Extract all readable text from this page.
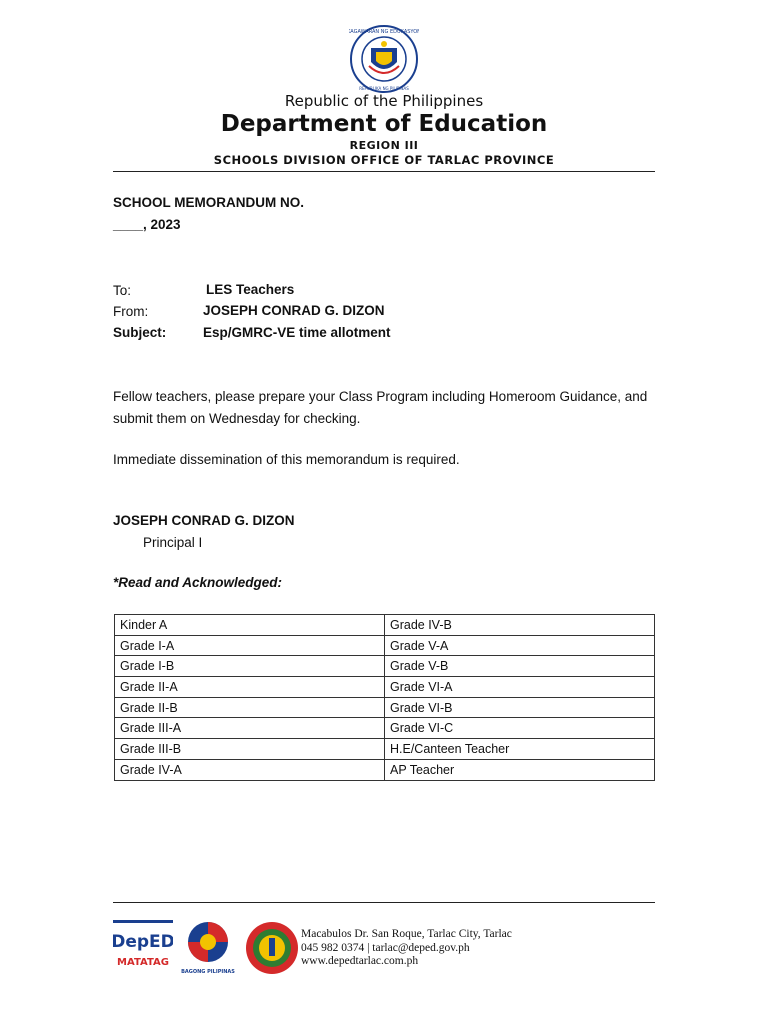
KAGAWARAN NG EDUKASYON
REPUBLIKA NG PILIPINAS
Republic of the Philippines
Department of Education
REGION III
SCHOOLS DIVISION OFFICE OF TARLAC PROVINCE
SCHOOL MEMORANDUM NO.
____, 2023
To:	LES Teachers
From:	JOSEPH CONRAD G. DIZON
Subject:	Esp/GMRC-VE time allotment
Fellow teachers, please prepare your Class Program including Homeroom Guidance, and submit them on Wednesday for checking.
Immediate dissemination of this memorandum is required.
JOSEPH CONRAD G. DIZON
Principal I
*Read and Acknowledged:
Kinder A	Grade IV-B
Grade I-A	Grade V-A
Grade I-B	Grade V-B
Grade II-A	Grade VI-A
Grade II-B	Grade VI-B
Grade III-A	Grade VI-C
Grade III-B	H.E/Canteen Teacher
Grade IV-A	AP Teacher
DepED
MATATAG
BAGONG PILIPINAS
Macabulos Dr. San Roque, Tarlac City, Tarlac
045 982 0374 | tarlac@deped.gov.ph
www.depedtarlac.com.ph
